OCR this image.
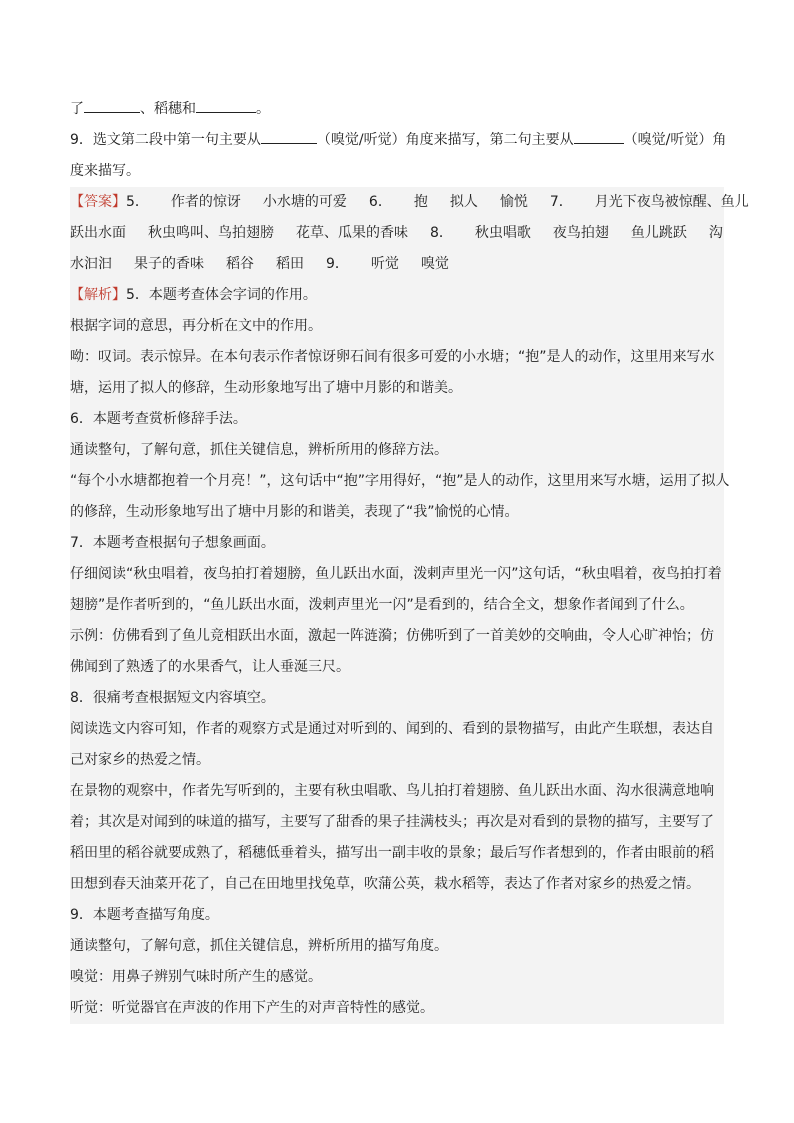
了	、稻穗和	。

9．选文第二段中第一句主要从	（嗅觉/听觉）角度来描写，第二句主要从	（嗅觉/听觉）角

度来描写。

【答案】5． 作者的惊讶 小水塘的可爱 6． 抱 拟人 愉悦 7． 月光下夜鸟被惊醒、鱼儿

跃出水面 秋虫鸣叫、鸟拍翅膀 花草、瓜果的香味 8． 秋虫唱歌 夜鸟拍翅 鱼儿跳跃 沟

水汩汩 果子的香味 稻谷 稻田 9． 听觉 嗅觉

【解析】5．本题考查体会字词的作用。

根据字词的意思，再分析在文中的作用。

呦：叹词。表示惊异。在本句表示作者惊讶卵石间有很多可爱的小水塘；“抱”是人的动作，这里用来写水

塘，运用了拟人的修辞，生动形象地写出了塘中月影的和谐美。

6．本题考查赏析修辞手法。

通读整句，了解句意，抓住关键信息，辨析所用的修辞方法。

“每个小水塘都抱着一个月亮！”，这句话中“抱”字用得好，“抱”是人的动作，这里用来写水塘，运用了拟人

的修辞，生动形象地写出了塘中月影的和谐美，表现了“我”愉悦的心情。

7．本题考查根据句子想象画面。

仔细阅读“秋虫唱着，夜鸟拍打着翅膀，鱼儿跃出水面，泼剌声里光一闪”这句话，“秋虫唱着，夜鸟拍打着

翅膀”是作者听到的，“鱼儿跃出水面，泼剌声里光一闪”是看到的，结合全文，想象作者闻到了什么。

示例：仿佛看到了鱼儿竞相跃出水面，激起一阵涟漪；仿佛听到了一首美妙的交响曲，令人心旷神怡；仿

佛闻到了熟透了的水果香气，让人垂涎三尺。

8．很痛考查根据短文内容填空。

阅读选文内容可知，作者的观察方式是通过对听到的、闻到的、看到的景物描写，由此产生联想，表达自

己对家乡的热爱之情。

在景物的观察中，作者先写听到的，主要有秋虫唱歌、鸟儿拍打着翅膀、鱼儿跃出水面、沟水很满意地响

着；其次是对闻到的味道的描写，主要写了甜香的果子挂满枝头；再次是对看到的景物的描写，主要写了

稻田里的稻谷就要成熟了，稻穗低垂着头，描写出一副丰收的景象；最后写作者想到的，作者由眼前的稻

田想到春天油菜开花了，自己在田地里找兔草，吹蒲公英，栽水稻等，表达了作者对家乡的热爱之情。

9．本题考查描写角度。

通读整句，了解句意，抓住关键信息，辨析所用的描写角度。

嗅觉：用鼻子辨别气味时所产生的感觉。

听觉：听觉器官在声波的作用下产生的对声音特性的感觉。
